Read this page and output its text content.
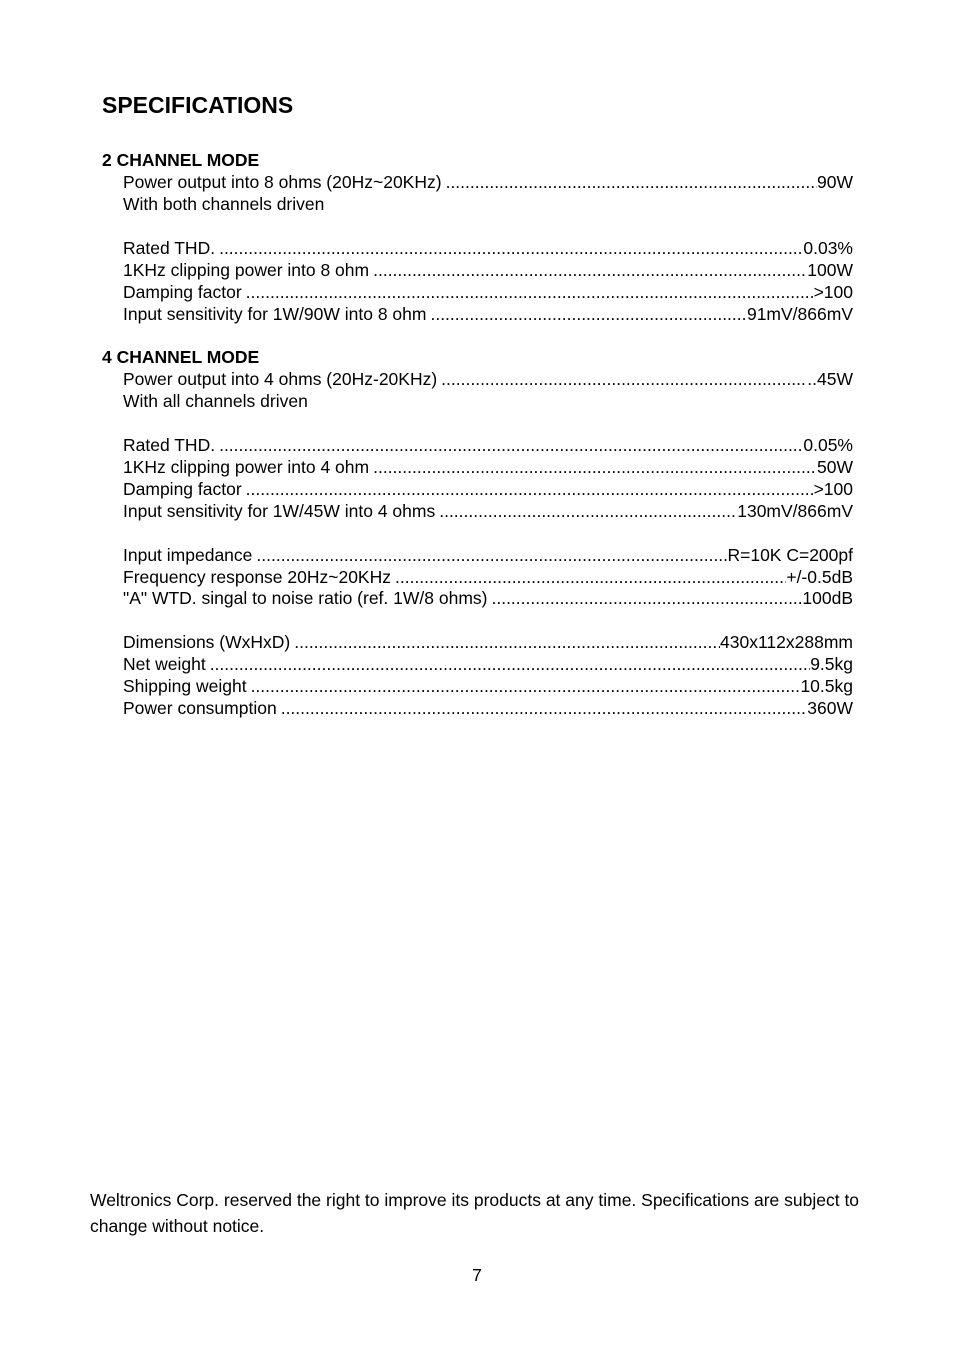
SPECIFICATIONS
2 CHANNEL MODE
Power output into 8 ohms (20Hz~20KHz) .....	90W
With both channels driven
Rated THD. .....	0.03%
1KHz clipping power into 8 ohm .....	100W
Damping factor .....	>100
Input sensitivity for 1W/90W into 8 ohm .....	91mV/866mV
4 CHANNEL MODE
Power output into 4 ohms (20Hz-20KHz) .....	..45W
With all channels driven
Rated THD. .....	0.05%
1KHz clipping power into 4 ohm .....	50W
Damping factor .....	>100
Input sensitivity for 1W/45W into 4 ohms .....	130mV/866mV
Input impedance .....	R=10K C=200pf
Frequency response 20Hz~20KHz .....	+/-0.5dB
"A" WTD. singal to noise ratio (ref. 1W/8 ohms) .....	100dB
Dimensions (WxHxD) .....	430x112x288mm
Net weight .....	9.5kg
Shipping weight .....	10.5kg
Power consumption .....	360W
Weltronics Corp. reserved the right to improve its products at any time. Specifications are subject to change without notice.
7
